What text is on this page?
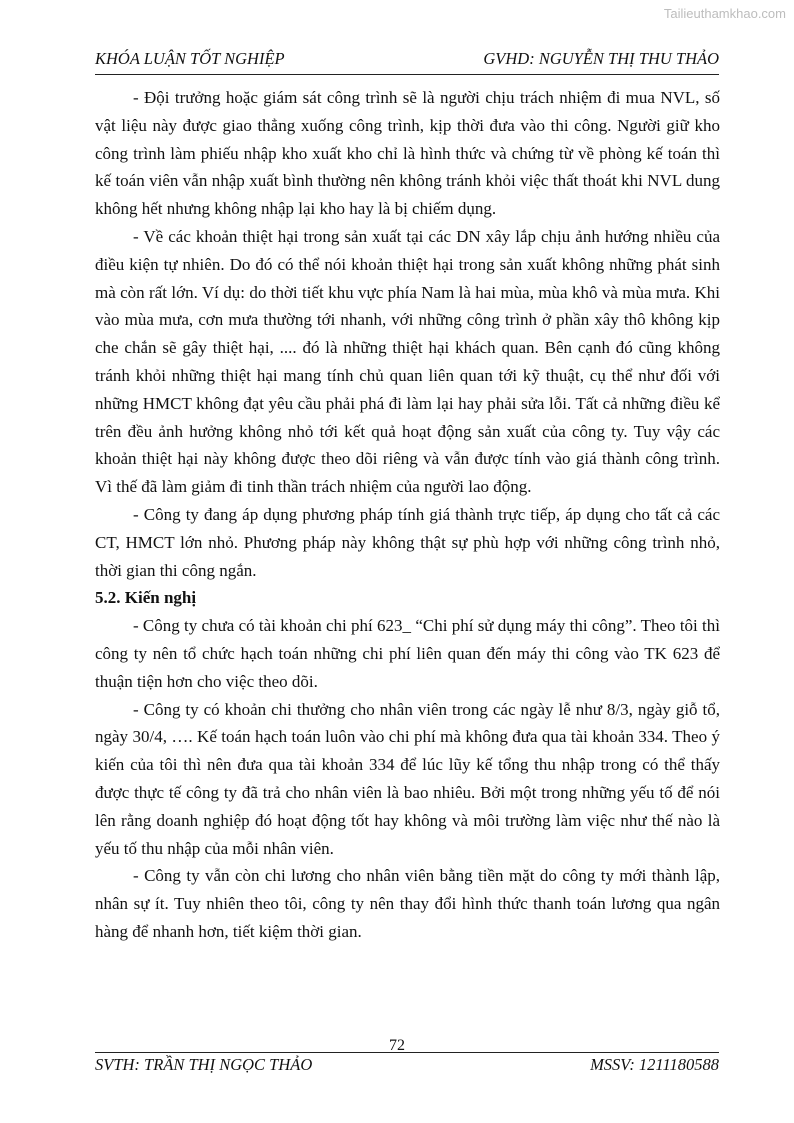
Tailieuthamkhao.com
KHÓA LUẬN TỐT NGHIỆP	GVHD: NGUYỄN THỊ THU THẢO

- Đội trưởng hoặc giám sát công trình sẽ là người chịu trách nhiệm đi mua NVL, số vật liệu này được giao thẳng xuống công trình, kịp thời đưa vào thi công. Người giữ kho công trình làm phiếu nhập kho xuất kho chỉ là hình thức và chứng từ về phòng kế toán thì kế toán viên vẫn nhập xuất bình thường nên không tránh khỏi việc thất thoát khi NVL dung không hết nhưng không nhập lại kho hay là bị chiếm dụng.

- Về các khoản thiệt hại trong sản xuất tại các DN xây lắp chịu ảnh hướng nhiều của điều kiện tự nhiên. Do đó có thể nói khoản thiệt hại trong sản xuất không những phát sinh mà còn rất lớn. Ví dụ: do thời tiết khu vực phía Nam là hai mùa, mùa khô và mùa mưa. Khi vào mùa mưa, cơn mưa thường tới nhanh, với những công trình ở phần xây thô không kịp che chắn sẽ gây thiệt hại, .... đó là những thiệt hại khách quan. Bên cạnh đó cũng không tránh khỏi những thiệt hại mang tính chủ quan liên quan tới kỹ thuật, cụ thể như đối với những HMCT không đạt yêu cầu phải phá đi làm lại hay phải sửa lỗi. Tất cả những điều kể trên đều ảnh hưởng không nhỏ tới kết quả hoạt động sản xuất của công ty. Tuy vậy các khoản thiệt hại này không được theo dõi riêng và vẫn được tính vào giá thành công trình. Vì thế đã làm giảm đi tinh thần trách nhiệm của người lao động.

- Công ty đang áp dụng phương pháp tính giá thành trực tiếp, áp dụng cho tất cả các CT, HMCT lớn nhỏ. Phương pháp này không thật sự phù hợp với những công trình nhỏ, thời gian thi công ngắn.

5.2. Kiến nghị

- Công ty chưa có tài khoản chi phí 623_ “Chi phí sử dụng máy thi công”. Theo tôi thì công ty nên tổ chức hạch toán những chi phí liên quan đến máy thi công vào TK 623 để thuận tiện hơn cho việc theo dõi.

- Công ty có khoản chi thưởng cho nhân viên trong các ngày lễ như 8/3, ngày giỗ tổ, ngày 30/4, …. Kế toán hạch toán luôn vào chi phí mà không đưa qua tài khoản 334. Theo ý kiến của tôi thì nên đưa qua tài khoản 334 để lúc lũy kế tổng thu nhập trong có thể thấy được thực tế công ty đã trả cho nhân viên là bao nhiêu. Bởi một trong những yếu tố để nói lên rằng doanh nghiệp đó hoạt động tốt hay không và môi trường làm việc như thế nào là yếu tố thu nhập của mỗi nhân viên.

- Công ty vẫn còn chi lương cho nhân viên bằng tiền mặt do công ty mới thành lập, nhân sự ít. Tuy nhiên theo tôi, công ty nên thay đổi hình thức thanh toán lương qua ngân hàng để nhanh hơn, tiết kiệm thời gian.

72
SVTH: TRẦN THỊ NGỌC THẢO	MSSV: 1211180588
